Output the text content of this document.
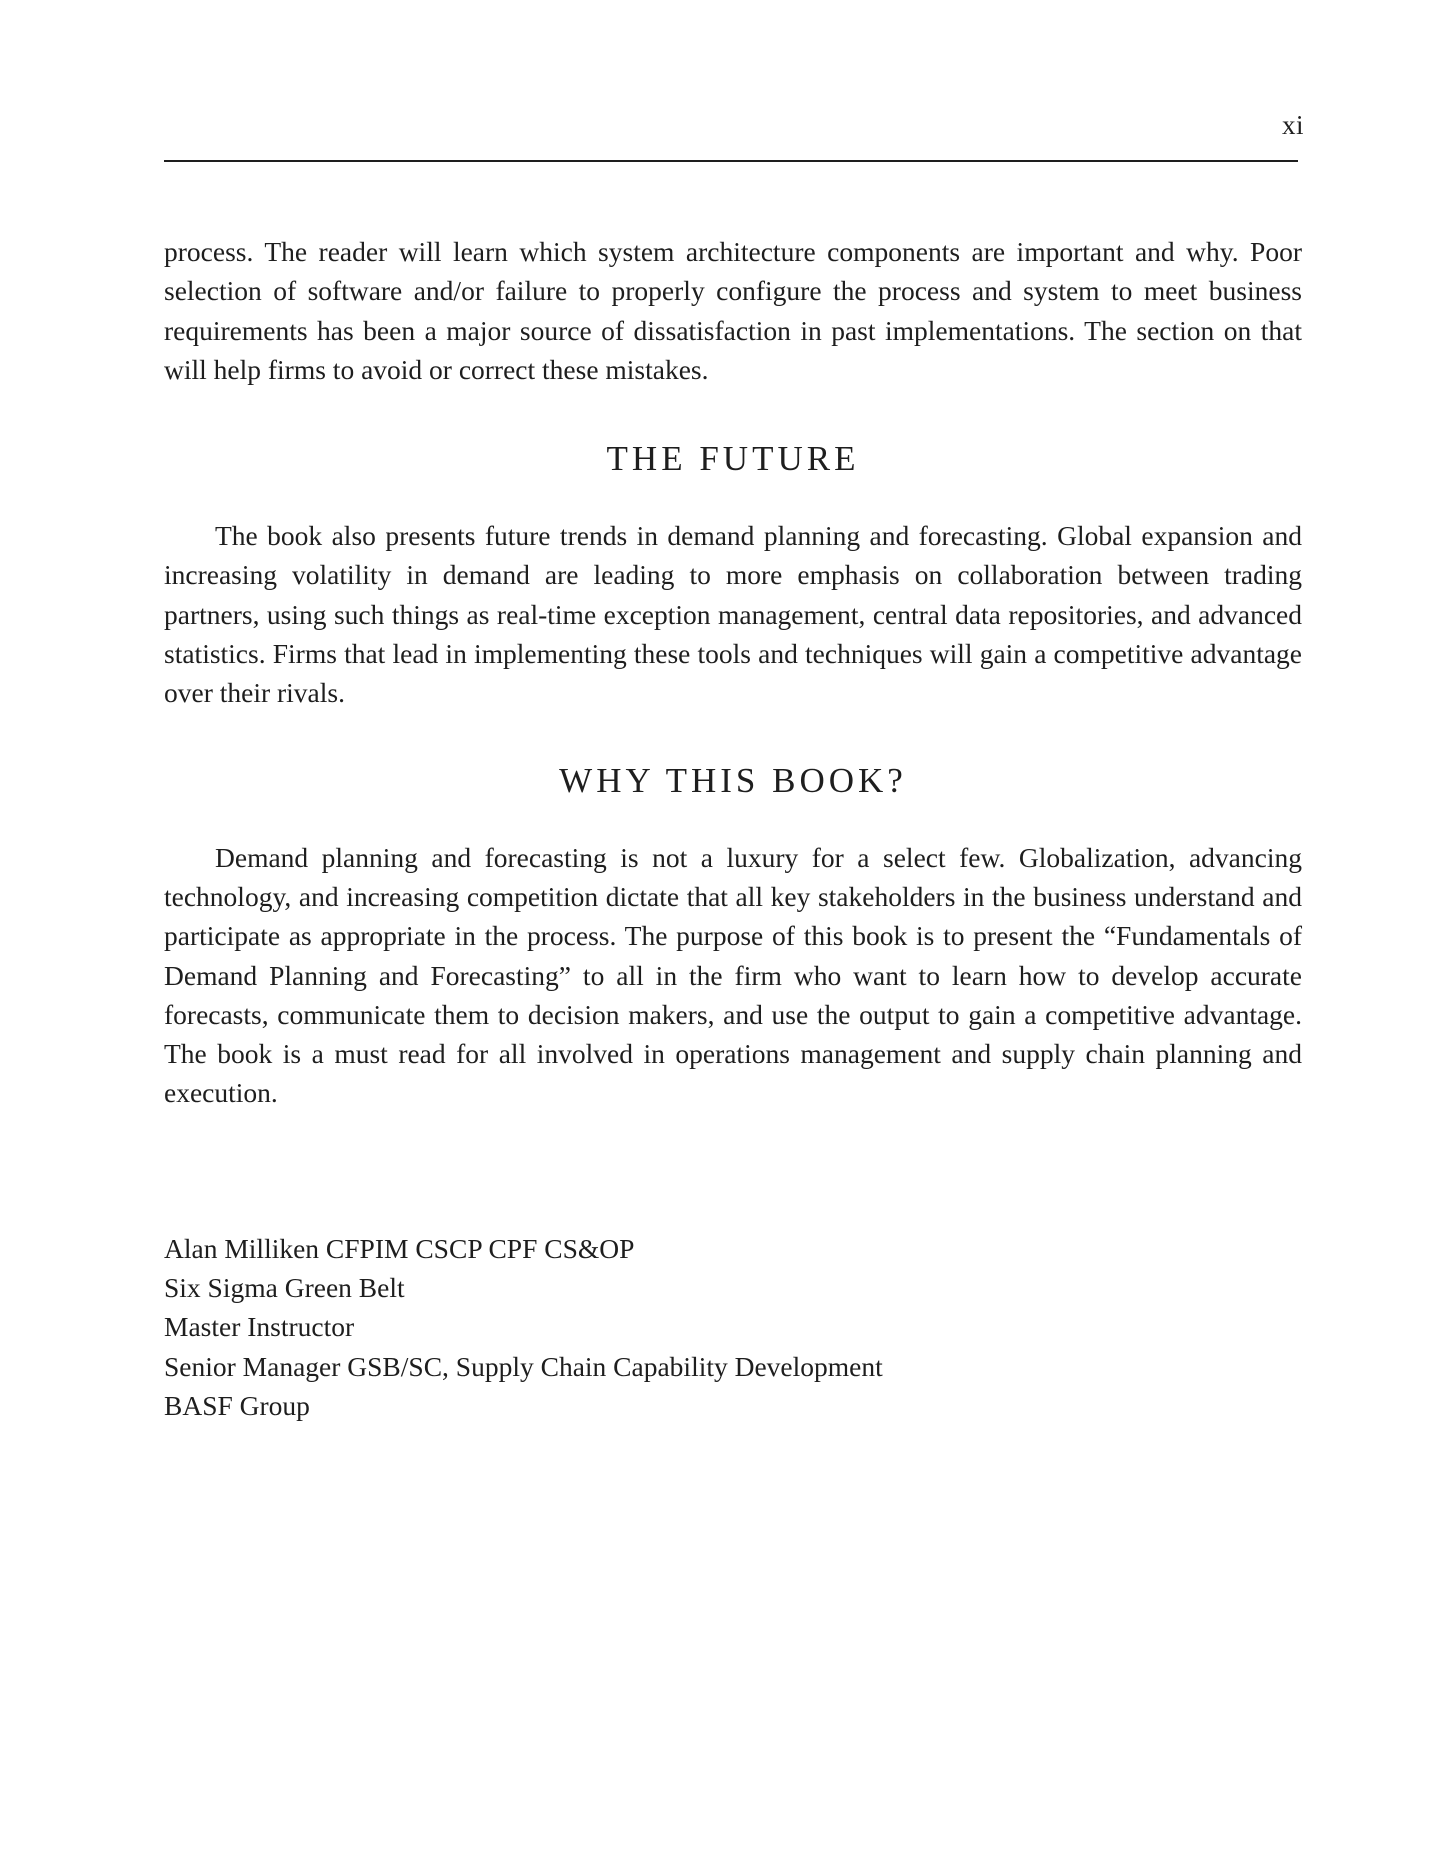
xi

process. The reader will learn which system architecture components are important and why. Poor selection of software and/or failure to properly configure the process and system to meet business requirements has been a major source of dissatisfaction in past implementations. The section on that will help firms to avoid or correct these mistakes.

THE FUTURE

The book also presents future trends in demand planning and forecasting. Global expansion and increasing volatility in demand are leading to more emphasis on collaboration between trading partners, using such things as real-time exception management, central data repositories, and advanced statistics. Firms that lead in implementing these tools and techniques will gain a competitive advantage over their rivals.

WHY THIS BOOK?

Demand planning and forecasting is not a luxury for a select few. Globalization, advancing technology, and increasing competition dictate that all key stakeholders in the business understand and participate as appropriate in the process. The purpose of this book is to present the “Fundamentals of Demand Planning and Forecasting” to all in the firm who want to learn how to develop accurate forecasts, communicate them to decision makers, and use the output to gain a competitive advantage. The book is a must read for all involved in operations management and supply chain planning and execution.

Alan Milliken CFPIM CSCP CPF CS&OP
Six Sigma Green Belt
Master Instructor
Senior Manager GSB/SC, Supply Chain Capability Development
BASF Group
